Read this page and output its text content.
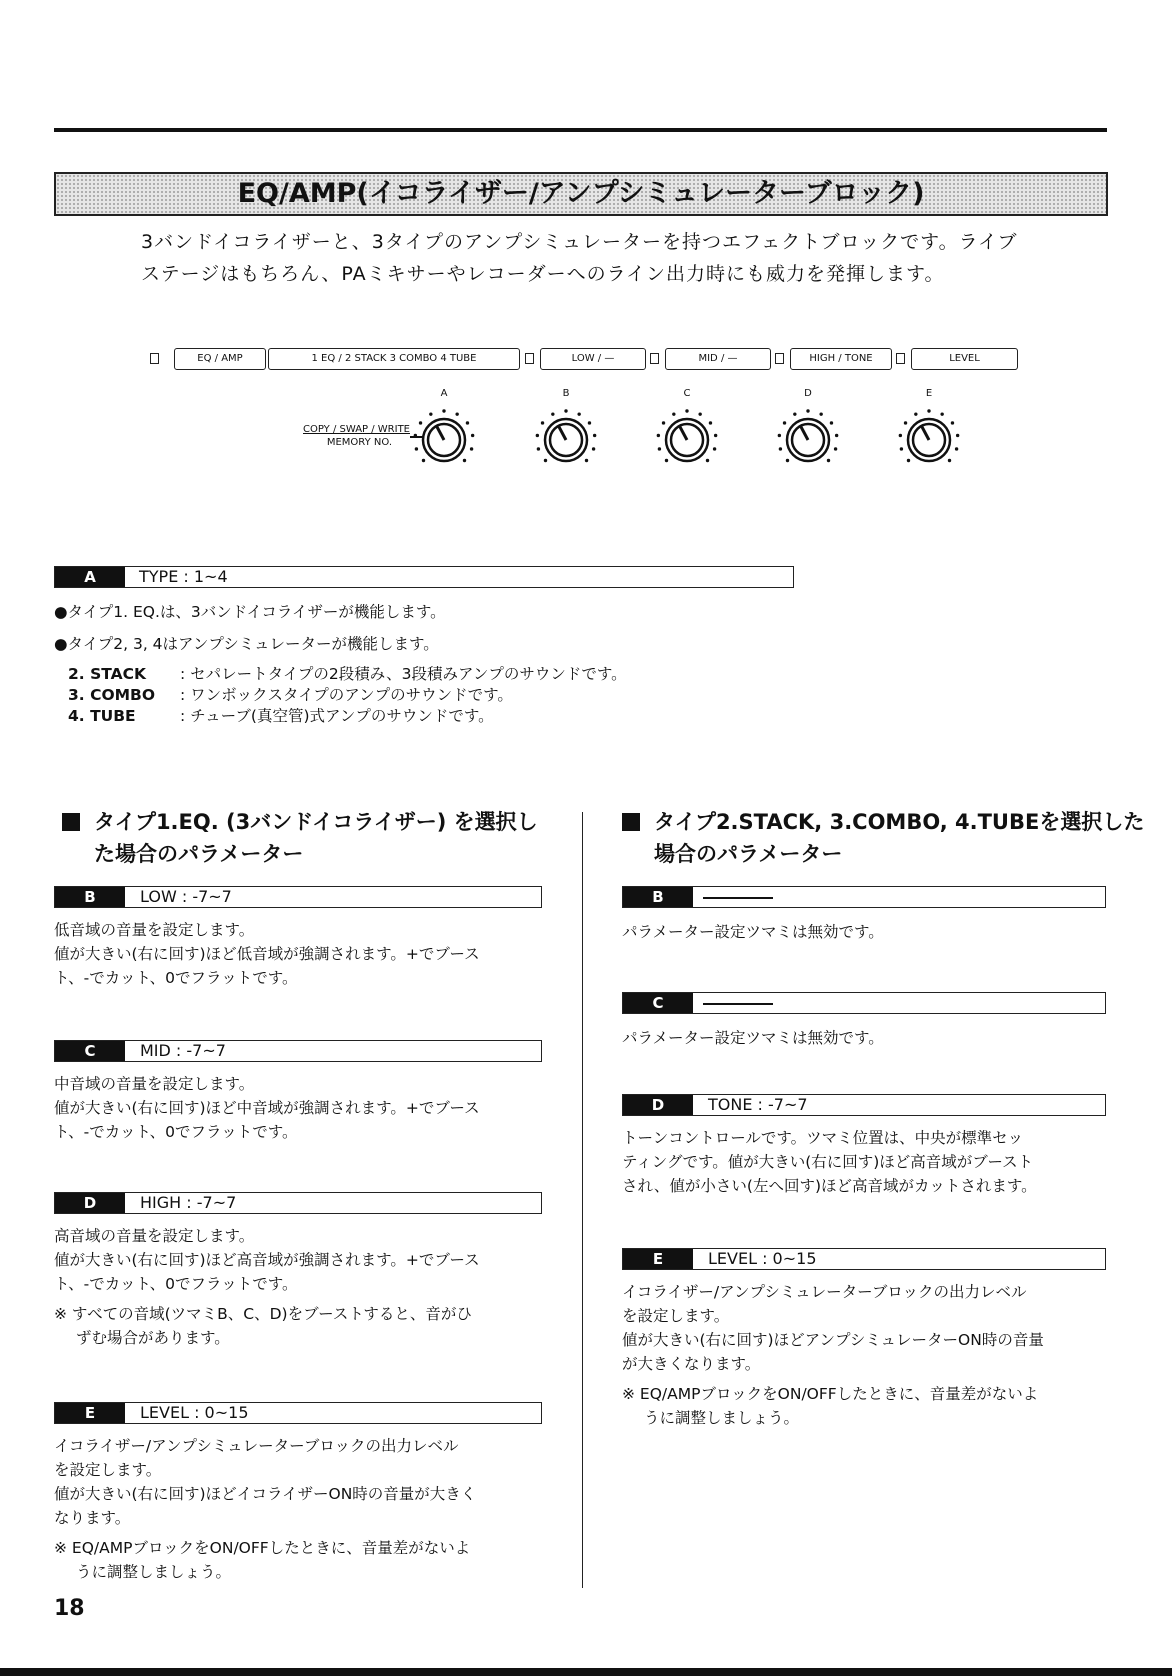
EQ/AMP(イコライザー/アンプシミュレーターブロック)
3バンドイコライザーと、3タイプのアンプシミュレーターを持つエフェクトブロックです。ライブ
ステージはもちろん、PAミキサーやレコーダーへのライン出力時にも威力を発揮します。
EQ / AMP	1 EQ / 2 STACK 3 COMBO 4 TUBE	LOW / —	MID / —	HIGH / TONE	LEVEL
A	B	C	D	E
COPY / SWAP / WRITE
MEMORY NO.
A	TYPE : 1~4
●タイプ1. EQ.は、3バンドイコライザーが機能します。
●タイプ2, 3, 4はアンプシミュレーターが機能します。
2. STACK	: セパレートタイプの2段積み、3段積みアンプのサウンドです。
3. COMBO	: ワンボックスタイプのアンプのサウンドです。
4. TUBE	: チューブ(真空管)式アンプのサウンドです。
タイプ1.EQ. (3バンドイコライザー) を選択し
た場合のパラメーター
B	LOW : -7~7
低音域の音量を設定します。
値が大きい(右に回す)ほど低音域が強調されます。+でブース
ト、-でカット、0でフラットです。
C	MID : -7~7
中音域の音量を設定します。
値が大きい(右に回す)ほど中音域が強調されます。+でブース
ト、-でカット、0でフラットです。
D	HIGH : -7~7
高音域の音量を設定します。
値が大きい(右に回す)ほど高音域が強調されます。+でブース
ト、-でカット、0でフラットです。
※ すべての音域(ツマミB、C、D)をブーストすると、音がひ
ずむ場合があります。
E	LEVEL : 0~15
イコライザー/アンプシミュレーターブロックの出力レベル
を設定します。
値が大きい(右に回す)ほどイコライザーON時の音量が大きく
なります。
※ EQ/AMPブロックをON/OFFしたときに、音量差がないよ
うに調整しましょう。
タイプ2.STACK, 3.COMBO, 4.TUBEを選択した
場合のパラメーター
B
パラメーター設定ツマミは無効です。
C
パラメーター設定ツマミは無効です。
D	TONE : -7~7
トーンコントロールです。ツマミ位置は、中央が標準セッ
ティングです。値が大きい(右に回す)ほど高音域がブースト
され、値が小さい(左へ回す)ほど高音域がカットされます。
E	LEVEL : 0~15
イコライザー/アンプシミュレーターブロックの出力レベル
を設定します。
値が大きい(右に回す)ほどアンプシミュレーターON時の音量
が大きくなります。
※ EQ/AMPブロックをON/OFFしたときに、音量差がないよ
うに調整しましょう。
18
